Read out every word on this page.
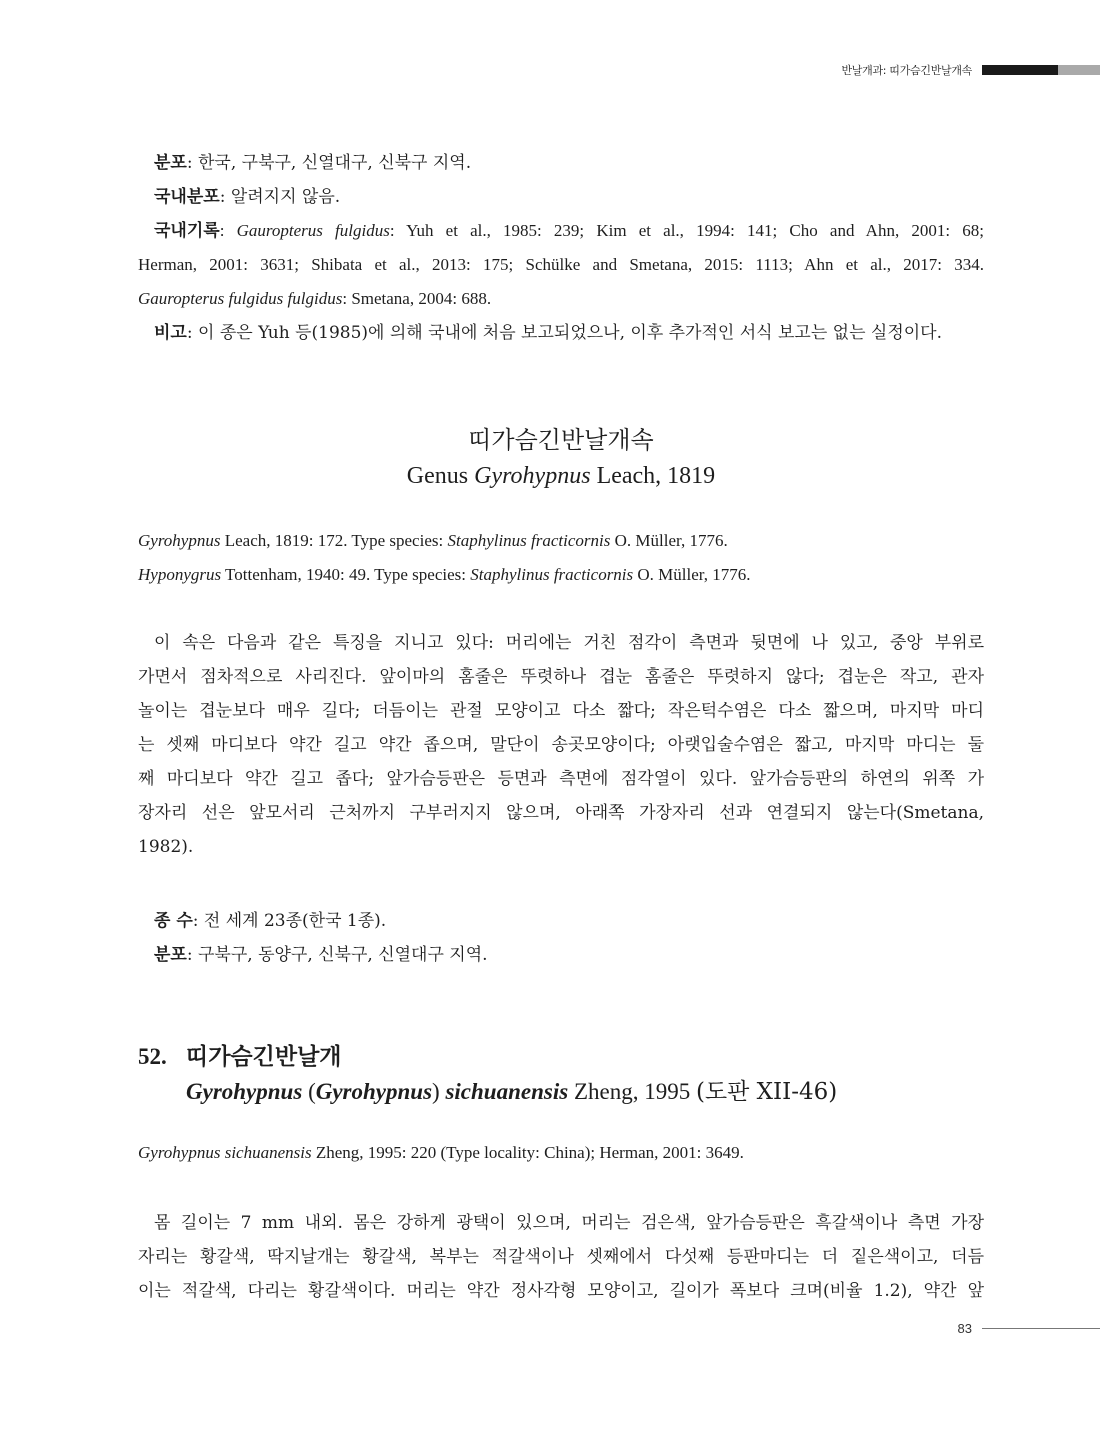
반날개과: 띠가슴긴반날개속

분포: 한국, 구북구, 신열대구, 신북구 지역.

국내분포: 알려지지 않음.

국내기록: Gauropterus fulgidus: Yuh et al., 1985: 239; Kim et al., 1994: 141; Cho and Ahn, 2001: 68;

Herman, 2001: 3631; Shibata et al., 2013: 175; Schülke and Smetana, 2015: 1113; Ahn et al., 2017: 334.

Gauropterus fulgidus fulgidus: Smetana, 2004: 688.

비고: 이 종은 Yuh 등(1985)에 의해 국내에 처음 보고되었으나, 이후 추가적인 서식 보고는 없는 실정이다.

띠가슴긴반날개속
Genus Gyrohypnus Leach, 1819

Gyrohypnus Leach, 1819: 172. Type species: Staphylinus fracticornis O. Müller, 1776.

Hyponygrus Tottenham, 1940: 49. Type species: Staphylinus fracticornis O. Müller, 1776.

이 속은 다음과 같은 특징을 지니고 있다: 머리에는 거친 점각이 측면과 뒷면에 나 있고, 중앙 부위로

가면서 점차적으로 사리진다. 앞이마의 홈줄은 뚜렷하나 겹눈 홈줄은 뚜렷하지 않다; 겹눈은 작고, 관자

놀이는 겹눈보다 매우 길다; 더듬이는 관절 모양이고 다소 짧다; 작은턱수염은 다소 짧으며, 마지막 마디

는 셋째 마디보다 약간 길고 약간 좁으며, 말단이 송곳모양이다; 아랫입술수염은 짧고, 마지막 마디는 둘

째 마디보다 약간 길고 좁다; 앞가슴등판은 등면과 측면에 점각열이 있다. 앞가슴등판의 하연의 위쪽 가

장자리 선은 앞모서리 근처까지 구부러지지 않으며, 아래쪽 가장자리 선과 연결되지 않는다(Smetana,

1982).

종 수: 전 세계 23종(한국 1종).

분포: 구북구, 동양구, 신북구, 신열대구 지역.

52. 띠가슴긴반날개
Gyrohypnus (Gyrohypnus) sichuanensis Zheng, 1995 (도판 XII-46)

Gyrohypnus sichuanensis Zheng, 1995: 220 (Type locality: China); Herman, 2001: 3649.

몸 길이는 7 mm 내외. 몸은 강하게 광택이 있으며, 머리는 검은색, 앞가슴등판은 흑갈색이나 측면 가장

자리는 황갈색, 딱지날개는 황갈색, 복부는 적갈색이나 셋째에서 다섯째 등판마디는 더 짙은색이고, 더듬

이는 적갈색, 다리는 황갈색이다. 머리는 약간 정사각형 모양이고, 길이가 폭보다 크며(비율 1.2), 약간 앞

83
